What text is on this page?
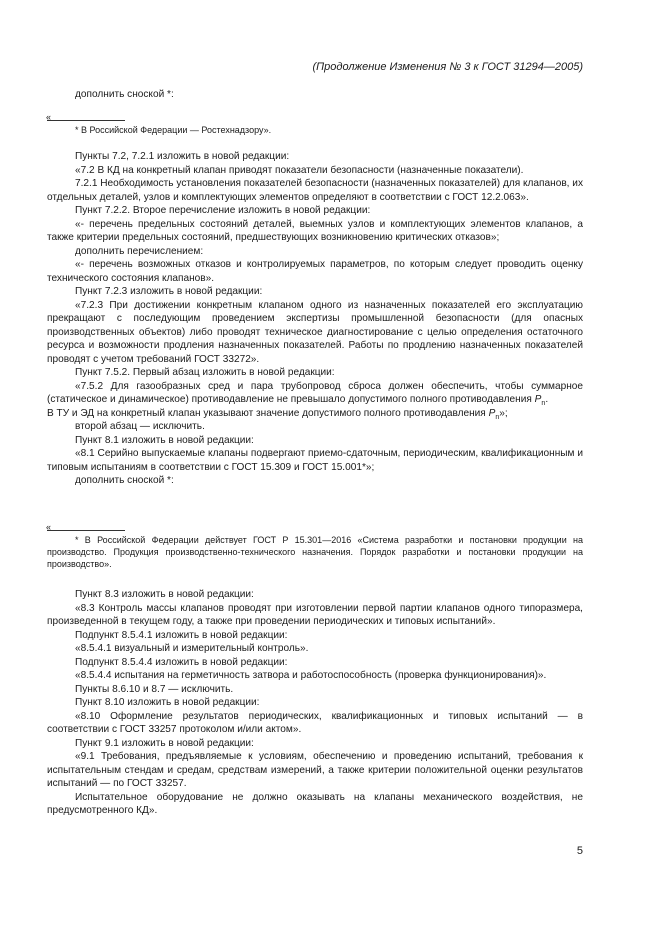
(Продолжение Изменения № 3 к ГОСТ 31294—2005)

дополнить сноской *:

«

* В Российской Федерации — Ростехнадзору».

Пункты 7.2, 7.2.1 изложить в новой редакции:

«7.2 В КД на конкретный клапан приводят показатели безопасности (назначенные показатели).

7.2.1 Необходимость установления показателей безопасности (назначенных показателей) для клапанов, их отдельных деталей, узлов и комплектующих элементов определяют в соответствии с ГОСТ 12.2.063».

Пункт 7.2.2. Второе перечисление изложить в новой редакции:

«- перечень предельных состояний деталей, выемных узлов и комплектующих элементов клапанов, а также критерии предельных состояний, предшествующих возникновению критических отказов»;

дополнить перечислением:

«- перечень возможных отказов и контролируемых параметров, по которым следует проводить оценку технического состояния клапанов».

Пункт 7.2.3 изложить в новой редакции:

«7.2.3 При достижении конкретным клапаном одного из назначенных показателей его эксплуатацию прекращают с последующим проведением экспертизы промышленной безопасности (для опасных производственных объектов) либо проводят техническое диагностирование с целью определения остаточного ресурса и возможности продления назначенных показателей. Работы по продлению назначенных показателей проводят с учетом требований ГОСТ 33272».

Пункт 7.5.2. Первый абзац изложить в новой редакции:

«7.5.2 Для газообразных сред и пара трубопровод сброса должен обеспечить, чтобы суммарное (статическое и динамическое) противодавление не превышало допустимого полного противодавления $P_n$.

В ТУ и ЭД на конкретный клапан указывают значение допустимого полного противодавления $P_n$»;

второй абзац — исключить.

Пункт 8.1 изложить в новой редакции:

«8.1 Серийно выпускаемые клапаны подвергают приемо-сдаточным, периодическим, квалификационным и типовым испытаниям в соответствии с ГОСТ 15.309 и ГОСТ 15.001*»;

дополнить сноской *:

«

* В Российской Федерации действует ГОСТ Р 15.301—2016 «Система разработки и постановки продукции на производство. Продукция производственно-технического назначения. Порядок разработки и постановки продукции на производство».

Пункт 8.3 изложить в новой редакции:

«8.3 Контроль массы клапанов проводят при изготовлении первой партии клапанов одного типоразмера, произведенной в текущем году, а также при проведении периодических и типовых испытаний».

Подпункт 8.5.4.1 изложить в новой редакции:

«8.5.4.1 визуальный и измерительный контроль».

Подпункт 8.5.4.4 изложить в новой редакции:

«8.5.4.4 испытания на герметичность затвора и работоспособность (проверка функционирования)».

Пункты 8.6.10 и 8.7 — исключить.

Пункт 8.10 изложить в новой редакции:

«8.10 Оформление результатов периодических, квалификационных и типовых испытаний — в соответствии с ГОСТ 33257 протоколом и/или актом».

Пункт 9.1 изложить в новой редакции:

«9.1 Требования, предъявляемые к условиям, обеспечению и проведению испытаний, требования к испытательным стендам и средам, средствам измерений, а также критерии положительной оценки результатов испытаний — по ГОСТ 33257.

Испытательное оборудование не должно оказывать на клапаны механического воздействия, не предусмотренного КД».

5
